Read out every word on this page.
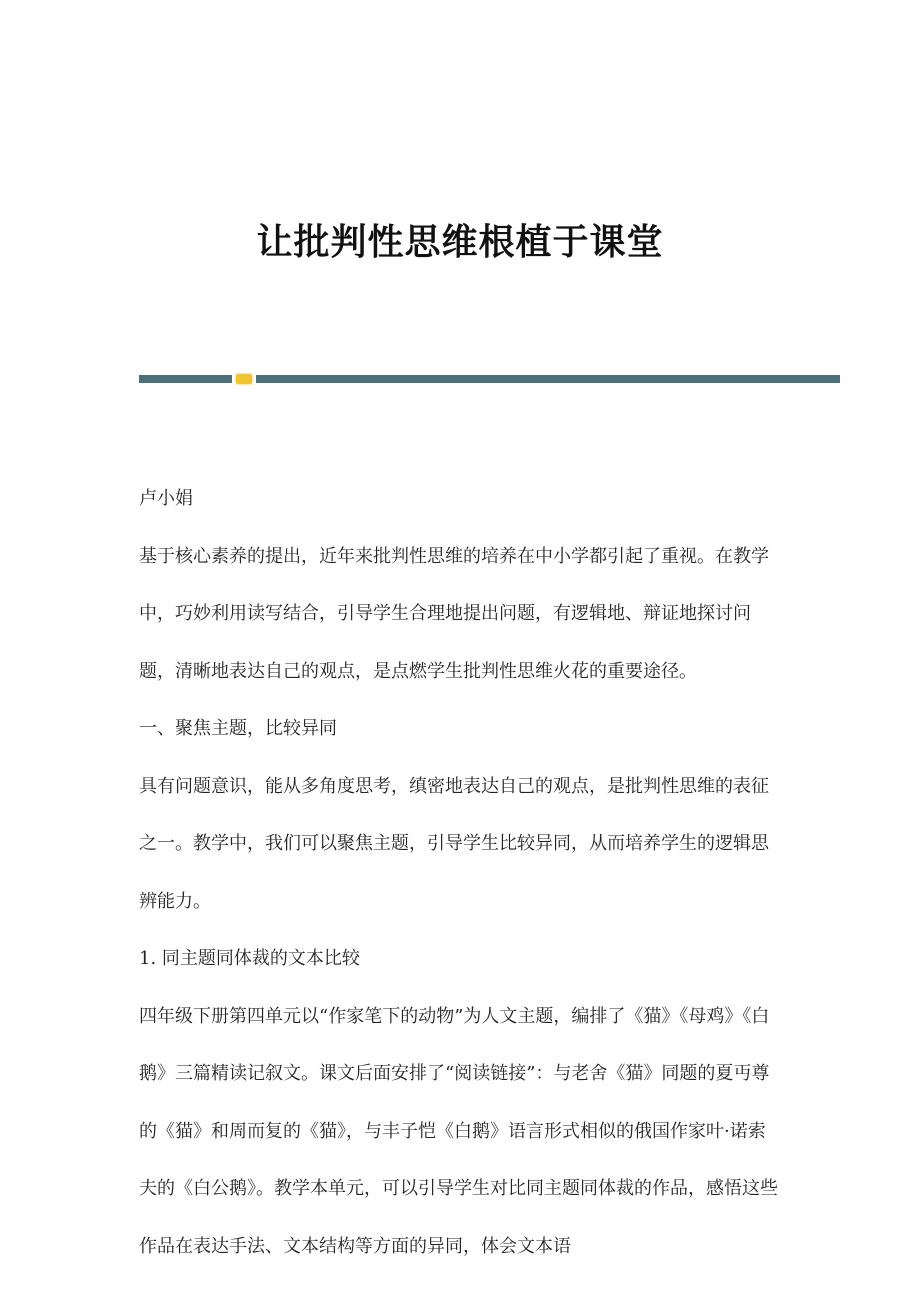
让批判性思维根植于课堂

卢小娟

基于核心素养的提出，近年来批判性思维的培养在中小学都引起了重视。在教学中，巧妙利用读写结合，引导学生合理地提出问题，有逻辑地、辩证地探讨问题，清晰地表达自己的观点，是点燃学生批判性思维火花的重要途径。

一、聚焦主题，比较异同

具有问题意识，能从多角度思考，缜密地表达自己的观点，是批判性思维的表征之一。教学中，我们可以聚焦主题，引导学生比较异同，从而培养学生的逻辑思辨能力。

1. 同主题同体裁的文本比较

四年级下册第四单元以“作家笔下的动物”为人文主题，编排了《猫》《母鸡》《白鹅》三篇精读记叙文。课文后面安排了“阅读链接”：与老舍《猫》同题的夏丏尊的《猫》和周而复的《猫》，与丰子恺《白鹅》语言形式相似的俄国作家叶·诺索夫的《白公鹅》。教学本单元，可以引导学生对比同主题同体裁的作品，感悟这些作品在表达手法、文本结构等方面的异同，体会文本语
